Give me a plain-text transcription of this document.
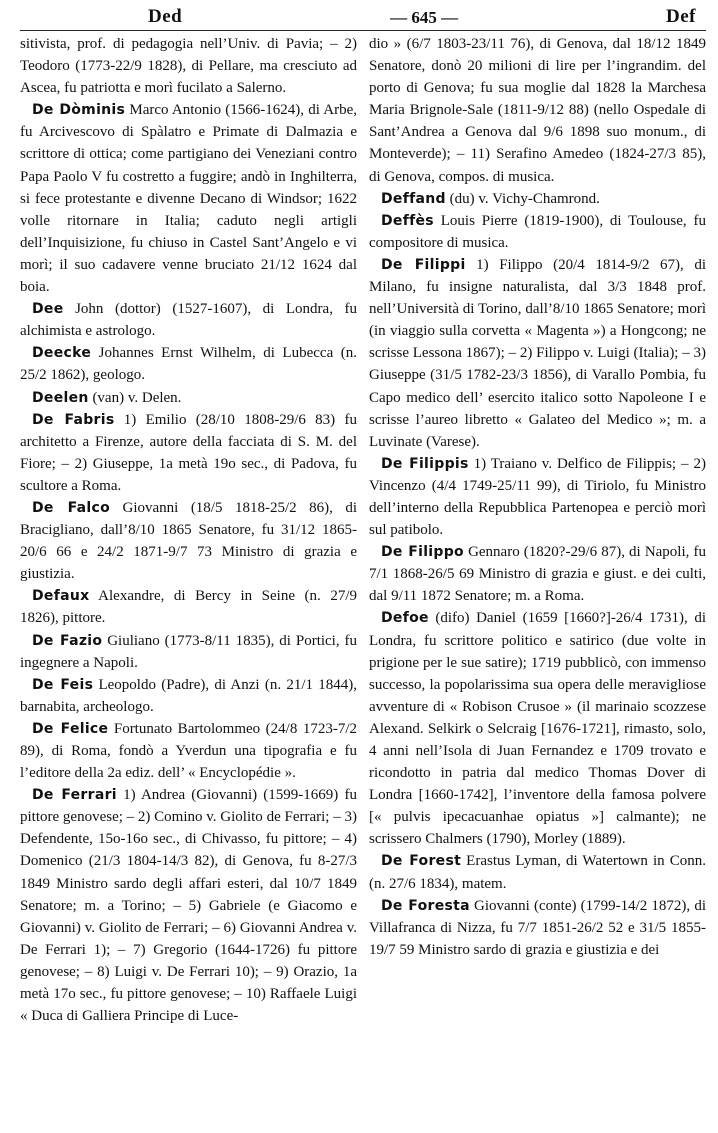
Ded	— 645 —	Def

sitivista, prof. di pedagogia nell’Univ. di Pavia; – 2) Teodoro (1773-22/9 1828), di Pellare, ma cresciuto ad Ascea, fu patriotta e morì fucilato a Salerno.

De Dòminis Marco Antonio (1566-1624), di Arbe, fu Arcivescovo di Spàlatro e Primate di Dalmazia e scrittore di ottica; come partigiano dei Veneziani contro Papa Paolo V fu costretto a fuggire; andò in Inghilterra, si fece protestante e divenne Decano di Windsor; 1622 volle ritornare in Italia; caduto negli artigli dell’Inquisizione, fu chiuso in Castel Sant’Angelo e vi morì; il suo cadavere venne bruciato 21/12 1624 dal boia.

Dee John (dottor) (1527-1607), di Londra, fu alchimista e astrologo.

Deecke Johannes Ernst Wilhelm, di Lubecca (n. 25/2 1862), geologo.

Deelen (van) v. Delen.

De Fabris 1) Emilio (28/10 1808-29/6 83) fu architetto a Firenze, autore della facciata di S. M. del Fiore; – 2) Giuseppe, 1a metà 19o sec., di Padova, fu scultore a Roma.

De Falco Giovanni (18/5 1818-25/2 86), di Bracigliano, dall’8/10 1865 Senatore, fu 31/12 1865-20/6 66 e 24/2 1871-9/7 73 Ministro di grazia e giustizia.

Defaux Alexandre, di Bercy in Seine (n. 27/9 1826), pittore.

De Fazio Giuliano (1773-8/11 1835), di Portici, fu ingegnere a Napoli.

De Feis Leopoldo (Padre), di Anzi (n. 21/1 1844), barnabita, archeologo.

De Felice Fortunato Bartolommeo (24/8 1723-7/2 89), di Roma, fondò a Yverdun una tipografia e fu l’editore della 2a ediz. dell’ « Encyclopédie ».

De Ferrari 1) Andrea (Giovanni) (1599-1669) fu pittore genovese; – 2) Comino v. Giolito de Ferrari; – 3) Defendente, 15o-16o sec., di Chivasso, fu pittore; – 4) Domenico (21/3 1804-14/3 82), di Genova, fu 8-27/3 1849 Ministro sardo degli affari esteri, dal 10/7 1849 Senatore; m. a Torino; – 5) Gabriele (e Giacomo e Giovanni) v. Giolito de Ferrari; – 6) Giovanni Andrea v. De Ferrari 1); – 7) Gregorio (1644-1726) fu pittore genovese; – 8) Luigi v. De Ferrari 10); – 9) Orazio, 1a metà 17o sec., fu pittore genovese; – 10) Raffaele Luigi « Duca di Galliera Principe di Luce-

dio » (6/7 1803-23/11 76), di Genova, dal 18/12 1849 Senatore, donò 20 milioni di lire per l’ingrandim. del porto di Genova; fu sua moglie dal 1828 la Marchesa Maria Brignole-Sale (1811-9/12 88) (nello Ospedale di Sant’Andrea a Genova dal 9/6 1898 suo monum., di Monteverde); – 11) Serafino Amedeo (1824-27/3 85), di Genova, compos. di musica.

Deffand (du) v. Vichy-Chamrond.

Deffès Louis Pierre (1819-1900), di Toulouse, fu compositore di musica.

De Filippi 1) Filippo (20/4 1814-9/2 67), di Milano, fu insigne naturalista, dal 3/3 1848 prof. nell’Università di Torino, dall’8/10 1865 Senatore; morì (in viaggio sulla corvetta « Magenta ») a Hongcong; ne scrisse Lessona 1867); – 2) Filippo v. Luigi (Italia); – 3) Giuseppe (31/5 1782-23/3 1856), di Varallo Pombia, fu Capo medico dell’ esercito italico sotto Napoleone I e scrisse l’aureo libretto « Galateo del Medico »; m. a Luvinate (Varese).

De Filippis 1) Traiano v. Delfico de Filippis; – 2) Vincenzo (4/4 1749-25/11 99), di Tiriolo, fu Ministro dell’interno della Repubblica Partenopea e perciò morì sul patibolo.

De Filippo Gennaro (1820?-29/6 87), di Napoli, fu 7/1 1868-26/5 69 Ministro di grazia e giust. e dei culti, dal 9/11 1872 Senatore; m. a Roma.

Defoe (difo) Daniel (1659 [1660?]-26/4 1731), di Londra, fu scrittore politico e satirico (due volte in prigione per le sue satire); 1719 pubblicò, con immenso successo, la popolarissima sua opera delle meravigliose avventure di « Robison Crusoe » (il marinaio scozzese Alexand. Selkirk o Selcraig [1676-1721], rimasto, solo, 4 anni nell’Isola di Juan Fernandez e 1709 trovato e ricondotto in patria dal medico Thomas Dover di Londra [1660-1742], l’inventore della famosa polvere [« pulvis ipecacuanhae opiatus »] calmante); ne scrissero Chalmers (1790), Morley (1889).

De Forest Erastus Lyman, di Watertown in Conn. (n. 27/6 1834), matem.

De Foresta Giovanni (conte) (1799-14/2 1872), di Villafranca di Nizza, fu 7/7 1851-26/2 52 e 31/5 1855-19/7 59 Ministro sardo di grazia e giustizia e dei
